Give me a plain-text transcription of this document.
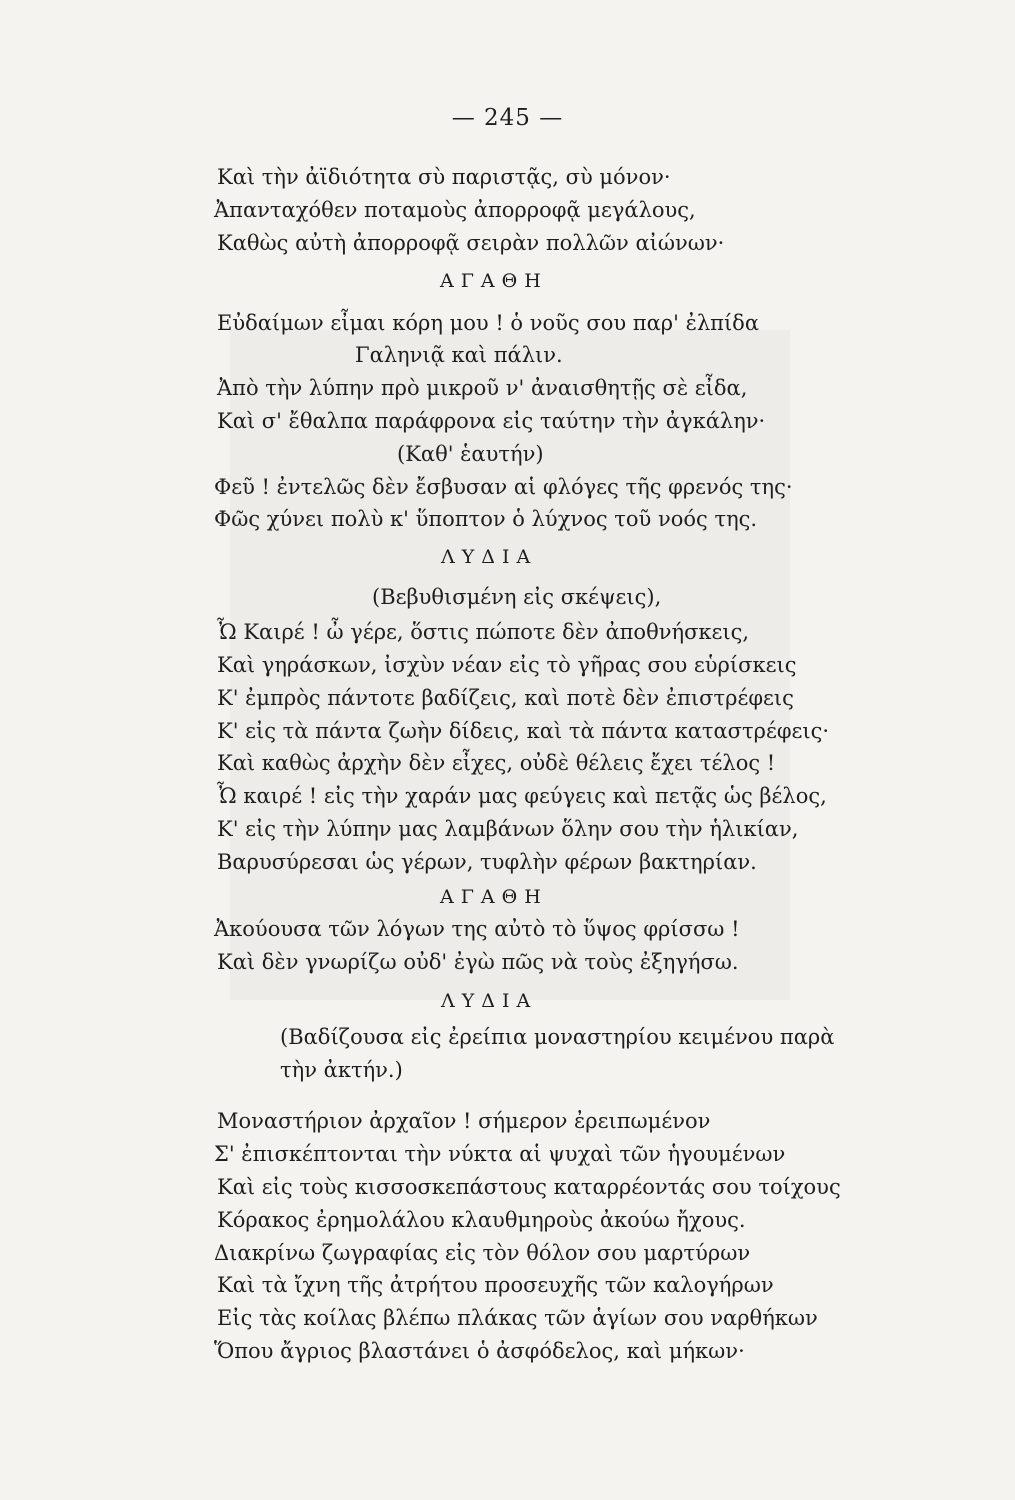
— 245 —
Καὶ τὴν ἀϊδιότητα σὺ παριστᾷς, σὺ μόνον·
Ἀπανταχόθεν ποταμοὺς ἀπορροφᾷ μεγάλους,
Καθὼς αὐτὴ ἀπορροφᾷ σειρὰν πολλῶν αἰώνων·
ΑΓΑΘΗ
Εὐδαίμων εἶμαι κόρη μου ! ὁ νοῦς σου παρ' ἐλπίδα
Γαληνιᾷ καὶ πάλιν.
Ἀπὸ τὴν λύπην πρὸ μικροῦ ν' ἀναισθητῇς σὲ εἶδα,
Καὶ σ' ἔθαλπα παράφρονα εἰς ταύτην τὴν ἀγκάλην·
(Καθ' ἑαυτήν)
Φεῦ ! ἐντελῶς δὲν ἔσβυσαν αἱ φλόγες τῆς φρενός της·
Φῶς χύνει πολὺ κ' ὕποπτον ὁ λύχνος τοῦ νοός της.
ΛΥΔΙΑ
(Βεβυθισμένη εἰς σκέψεις),
Ὦ Καιρέ ! ὦ γέρε, ὅστις πώποτε δὲν ἀποθνήσκεις,
Καὶ γηράσκων, ἰσχὺν νέαν εἰς τὸ γῆρας σου εὑρίσκεις
Κ' ἐμπρὸς πάντοτε βαδίζεις, καὶ ποτὲ δὲν ἐπιστρέφεις
Κ' εἰς τὰ πάντα ζωὴν δίδεις, καὶ τὰ πάντα καταστρέφεις·
Καὶ καθὼς ἀρχὴν δὲν εἶχες, οὐδὲ θέλεις ἔχει τέλος !
Ὦ καιρέ ! εἰς τὴν χαράν μας φεύγεις καὶ πετᾷς ὡς βέλος,
Κ' εἰς τὴν λύπην μας λαμβάνων ὅλην σου τὴν ἡλικίαν,
Βαρυσύρεσαι ὡς γέρων, τυφλὴν φέρων βακτηρίαν.
ΑΓΑΘΗ
Ἀκούουσα τῶν λόγων της αὐτὸ τὸ ὕψος φρίσσω !
Καὶ δὲν γνωρίζω οὐδ' ἐγὼ πῶς νὰ τοὺς ἐξηγήσω.
ΛΥΔΙΑ
(Βαδίζουσα εἰς ἐρείπια μοναστηρίου κειμένου παρὰ
τὴν ἀκτήν.)
Μοναστήριον ἀρχαῖον ! σήμερον ἐρειπωμένον
Σ' ἐπισκέπτονται τὴν νύκτα αἱ ψυχαὶ τῶν ἡγουμένων
Καὶ εἰς τοὺς κισσοσκεπάστους καταρρέοντάς σου τοίχους
Κόρακος ἐρημολάλου κλαυθμηροὺς ἀκούω ἤχους.
Διακρίνω ζωγραφίας εἰς τὸν θόλον σου μαρτύρων
Καὶ τὰ ἴχνη τῆς ἀτρήτου προσευχῆς τῶν καλογήρων
Εἰς τὰς κοίλας βλέπω πλάκας τῶν ἁγίων σου ναρθήκων
Ὅπου ἄγριος βλαστάνει ὁ ἀσφόδελος, καὶ μήκων·
